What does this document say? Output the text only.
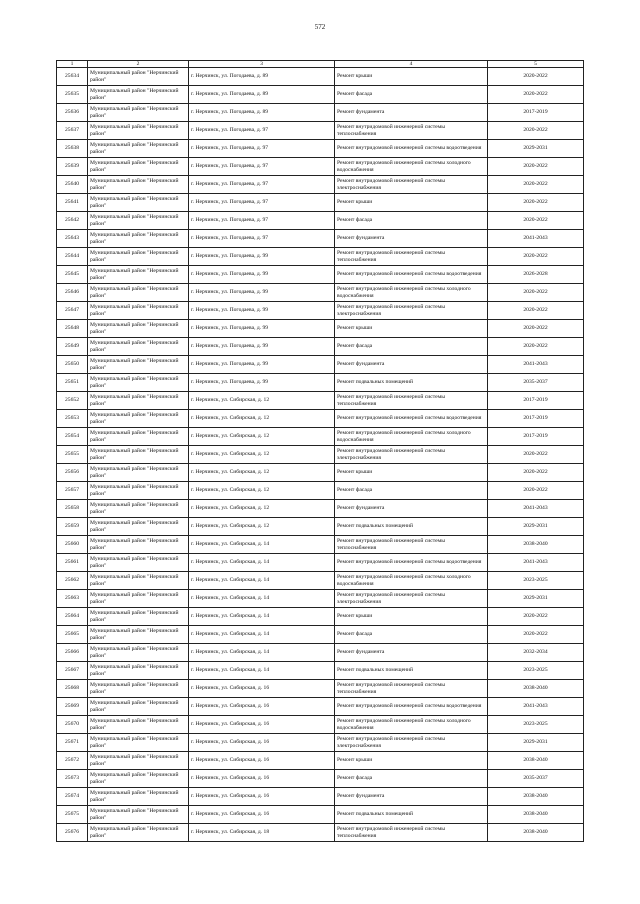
572
1	2	3	4	5
25634	Муниципальный район "Нерчинский район"	г. Нерчинск, ул. Погодаева, д. 89	Ремонт крыши	2020-2022
25635	Муниципальный район "Нерчинский район"	г. Нерчинск, ул. Погодаева, д. 89	Ремонт фасада	2020-2022
25636	Муниципальный район "Нерчинский район"	г. Нерчинск, ул. Погодаева, д. 89	Ремонт фундамента	2017-2019
25637	Муниципальный район "Нерчинский район"	г. Нерчинск, ул. Погодаева, д. 97	Ремонт внутридомовой инженерной системы теплоснабжения	2020-2022
25638	Муниципальный район "Нерчинский район"	г. Нерчинск, ул. Погодаева, д. 97	Ремонт внутридомовой инженерной системы водоотведения	2029-2031
25639	Муниципальный район "Нерчинский район"	г. Нерчинск, ул. Погодаева, д. 97	Ремонт внутридомовой инженерной системы холодного водоснабжения	2020-2022
25640	Муниципальный район "Нерчинский район"	г. Нерчинск, ул. Погодаева, д. 97	Ремонт внутридомовой инженерной системы электроснабжения	2020-2022
25641	Муниципальный район "Нерчинский район"	г. Нерчинск, ул. Погодаева, д. 97	Ремонт крыши	2020-2022
25642	Муниципальный район "Нерчинский район"	г. Нерчинск, ул. Погодаева, д. 97	Ремонт фасада	2020-2022
25643	Муниципальный район "Нерчинский район"	г. Нерчинск, ул. Погодаева, д. 97	Ремонт фундамента	2041-2043
25644	Муниципальный район "Нерчинский район"	г. Нерчинск, ул. Погодаева, д. 99	Ремонт внутридомовой инженерной системы теплоснабжения	2020-2022
25645	Муниципальный район "Нерчинский район"	г. Нерчинск, ул. Погодаева, д. 99	Ремонт внутридомовой инженерной системы водоотведения	2026-2028
25646	Муниципальный район "Нерчинский район"	г. Нерчинск, ул. Погодаева, д. 99	Ремонт внутридомовой инженерной системы холодного водоснабжения	2020-2022
25647	Муниципальный район "Нерчинский район"	г. Нерчинск, ул. Погодаева, д. 99	Ремонт внутридомовой инженерной системы электроснабжения	2020-2022
25648	Муниципальный район "Нерчинский район"	г. Нерчинск, ул. Погодаева, д. 99	Ремонт крыши	2020-2022
25649	Муниципальный район "Нерчинский район"	г. Нерчинск, ул. Погодаева, д. 99	Ремонт фасада	2020-2022
25650	Муниципальный район "Нерчинский район"	г. Нерчинск, ул. Погодаева, д. 99	Ремонт фундамента	2041-2043
25651	Муниципальный район "Нерчинский район"	г. Нерчинск, ул. Погодаева, д. 99	Ремонт подвальных помещений	2035-2037
25652	Муниципальный район "Нерчинский район"	г. Нерчинск, ул. Сибирская, д. 12	Ремонт внутридомовой инженерной системы теплоснабжения	2017-2019
25653	Муниципальный район "Нерчинский район"	г. Нерчинск, ул. Сибирская, д. 12	Ремонт внутридомовой инженерной системы водоотведения	2017-2019
25654	Муниципальный район "Нерчинский район"	г. Нерчинск, ул. Сибирская, д. 12	Ремонт внутридомовой инженерной системы холодного водоснабжения	2017-2019
25655	Муниципальный район "Нерчинский район"	г. Нерчинск, ул. Сибирская, д. 12	Ремонт внутридомовой инженерной системы электроснабжения	2020-2022
25656	Муниципальный район "Нерчинский район"	г. Нерчинск, ул. Сибирская, д. 12	Ремонт крыши	2020-2022
25657	Муниципальный район "Нерчинский район"	г. Нерчинск, ул. Сибирская, д. 12	Ремонт фасада	2020-2022
25658	Муниципальный район "Нерчинский район"	г. Нерчинск, ул. Сибирская, д. 12	Ремонт фундамента	2041-2043
25659	Муниципальный район "Нерчинский район"	г. Нерчинск, ул. Сибирская, д. 12	Ремонт подвальных помещений	2029-2031
25660	Муниципальный район "Нерчинский район"	г. Нерчинск, ул. Сибирская, д. 14	Ремонт внутридомовой инженерной системы теплоснабжения	2038-2040
25661	Муниципальный район "Нерчинский район"	г. Нерчинск, ул. Сибирская, д. 14	Ремонт внутридомовой инженерной системы водоотведения	2041-2043
25662	Муниципальный район "Нерчинский район"	г. Нерчинск, ул. Сибирская, д. 14	Ремонт внутридомовой инженерной системы холодного водоснабжения	2023-2025
25663	Муниципальный район "Нерчинский район"	г. Нерчинск, ул. Сибирская, д. 14	Ремонт внутридомовой инженерной системы электроснабжения	2029-2031
25664	Муниципальный район "Нерчинский район"	г. Нерчинск, ул. Сибирская, д. 14	Ремонт крыши	2020-2022
25665	Муниципальный район "Нерчинский район"	г. Нерчинск, ул. Сибирская, д. 14	Ремонт фасада	2020-2022
25666	Муниципальный район "Нерчинский район"	г. Нерчинск, ул. Сибирская, д. 14	Ремонт фундамента	2032-2034
25667	Муниципальный район "Нерчинский район"	г. Нерчинск, ул. Сибирская, д. 14	Ремонт подвальных помещений	2023-2025
25668	Муниципальный район "Нерчинский район"	г. Нерчинск, ул. Сибирская, д. 16	Ремонт внутридомовой инженерной системы теплоснабжения	2038-2040
25669	Муниципальный район "Нерчинский район"	г. Нерчинск, ул. Сибирская, д. 16	Ремонт внутридомовой инженерной системы водоотведения	2041-2043
25670	Муниципальный район "Нерчинский район"	г. Нерчинск, ул. Сибирская, д. 16	Ремонт внутридомовой инженерной системы холодного водоснабжения	2023-2025
25671	Муниципальный район "Нерчинский район"	г. Нерчинск, ул. Сибирская, д. 16	Ремонт внутридомовой инженерной системы электроснабжения	2029-2031
25672	Муниципальный район "Нерчинский район"	г. Нерчинск, ул. Сибирская, д. 16	Ремонт крыши	2038-2040
25673	Муниципальный район "Нерчинский район"	г. Нерчинск, ул. Сибирская, д. 16	Ремонт фасада	2035-2037
25674	Муниципальный район "Нерчинский район"	г. Нерчинск, ул. Сибирская, д. 16	Ремонт фундамента	2038-2040
25675	Муниципальный район "Нерчинский район"	г. Нерчинск, ул. Сибирская, д. 16	Ремонт подвальных помещений	2038-2040
25676	Муниципальный район "Нерчинский район"	г. Нерчинск, ул. Сибирская, д. 18	Ремонт внутридомовой инженерной системы теплоснабжения	2038-2040
